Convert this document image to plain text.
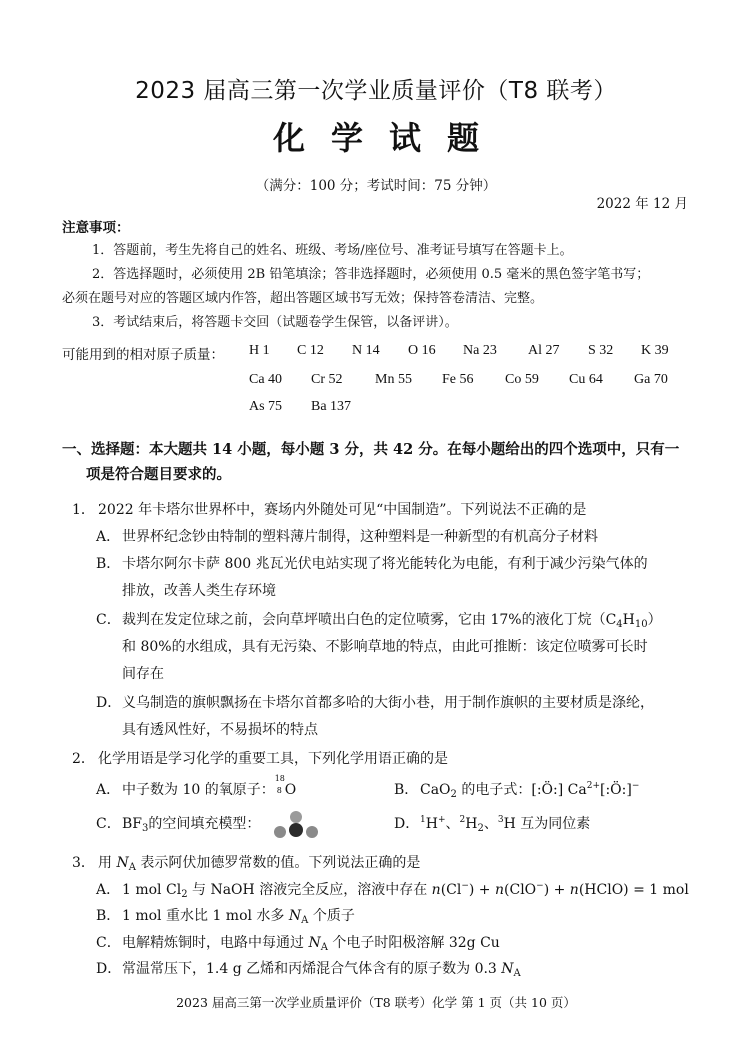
2023 届高三第一次学业质量评价（T8 联考）
化学试题
（满分：100 分；考试时间：75 分钟）
2022 年 12 月
注意事项：
1．答题前，考生先将自己的姓名、班级、考场/座位号、准考证号填写在答题卡上。
2．答选择题时，必须使用 2B 铅笔填涂；答非选择题时，必须使用 0.5 毫米的黑色签字笔书写；
必须在题号对应的答题区域内作答，超出答题区域书写无效；保持答卷清洁、完整。
3．考试结束后，将答题卡交回（试题卷学生保管，以备评讲）。
可能用到的相对原子质量： H 1 C 12 N 14 O 16 Na 23 Al 27 S 32 K 39
Ca 40 Cr 52 Mn 55 Fe 56 Co 59 Cu 64 Ga 70
As 75 Ba 137
一、选择题：本大题共 14 小题，每小题 3 分，共 42 分。在每小题给出的四个选项中，只有一
项是符合题目要求的。
1． 2022 年卡塔尔世界杯中，赛场内外随处可见“中国制造”。下列说法不正确的是
A． 世界杯纪念钞由特制的塑料薄片制得，这种塑料是一种新型的有机高分子材料
B． 卡塔尔阿尔卡萨 800 兆瓦光伏电站实现了将光能转化为电能，有利于减少污染气体的
排放，改善人类生存环境
C． 裁判在发定位球之前，会向草坪喷出白色的定位喷雾，它由 17%的液化丁烷$(C_4H_{10})$
和 80%的水组成，具有无污染、不影响草地的特点，由此可推断：该定位喷雾可长时
间存在
D． 义乌制造的旗帜飘扬在卡塔尔首都多哈的大街小巷，用于制作旗帜的主要材质是涤纶，
具有透风性好，不易损坏的特点
2． 化学用语是学习化学的重要工具，下列化学用语正确的是
A． 中子数为 10 的氧原子：
18
8 O	B． CaO$_2$ 的电子式：[:Ö:] $Ca^{2+}[:Ö:]^-$
C． $BF_3$的空间填充模型：	D． $^1$H+、$^2H_2$、$^3$H 互为同位素
3． 用 $N_A$ 表示阿伏加德罗常数的值。下列说法正确的是
A． 1 mol $Cl_2$ 与 NaOH 溶液完全反应，溶液中存在 n(Cl−) + n(ClO−) + n(HClO) = 1 mol
B． 1 mol 重水比 1 mol 水多 $N_A$ 个质子
C． 电解精炼铜时，电路中每通过 $N_A$ 个电子时阳极溶解 32g Cu
D． 常温常压下，1.4 g 乙烯和丙烯混合气体含有的原子数为 0.3 $N_A$
2023 届高三第一次学业质量评价（T8 联考）化学 第 1 页（共 10 页）
